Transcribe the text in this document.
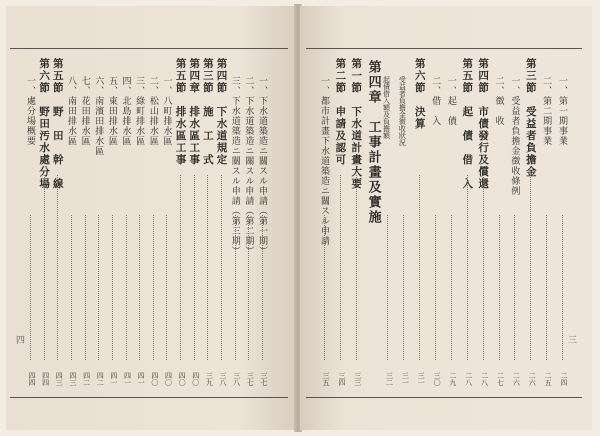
一、下水道築造ニ關スル申請（第一期）
三七
二、下水道築造ニ關スル申請（第二期）
三七
三、下水道築造ニ關スル申請（第三期）
三八
第四節　下水道規定
三八
第三節　施　工　式
三九
第四章　排水區工事
四〇
第五節　排水區工事
四〇
一、八町排水區
四〇
二、松山排水區
四〇
三、綠町排水區
四一
四、北島排水區
四一
五、東田排水區
四一
六、南濱田排水區
四二
七、花田排水區
四二
八、南田排水區
四三
第五節　野　田　幹　線
四三
第六節　野田汚水處分場
四四
一、處分場概要
四四
一、第一期事業
二四
二、第二期事業
二五
第三節　受益者負擔金
二六
一、受益者負擔金徴收條例
二六
二、徴　收
二七
第四節　市債發行及償還
二八
第五節　起　債　借　入
二八
一、起　債
二九
二、借　入
三〇
第六節　決算
三一
受益者負擔金徴收狀況
三一
起債借入額及負擔額
三二
第四章　工事計畫及實施
第一節　下水道計畫大要
三三
第二節　申請及認可
三四
一、都市計畫下水道築造ニ關スル申請
三五
四	三
